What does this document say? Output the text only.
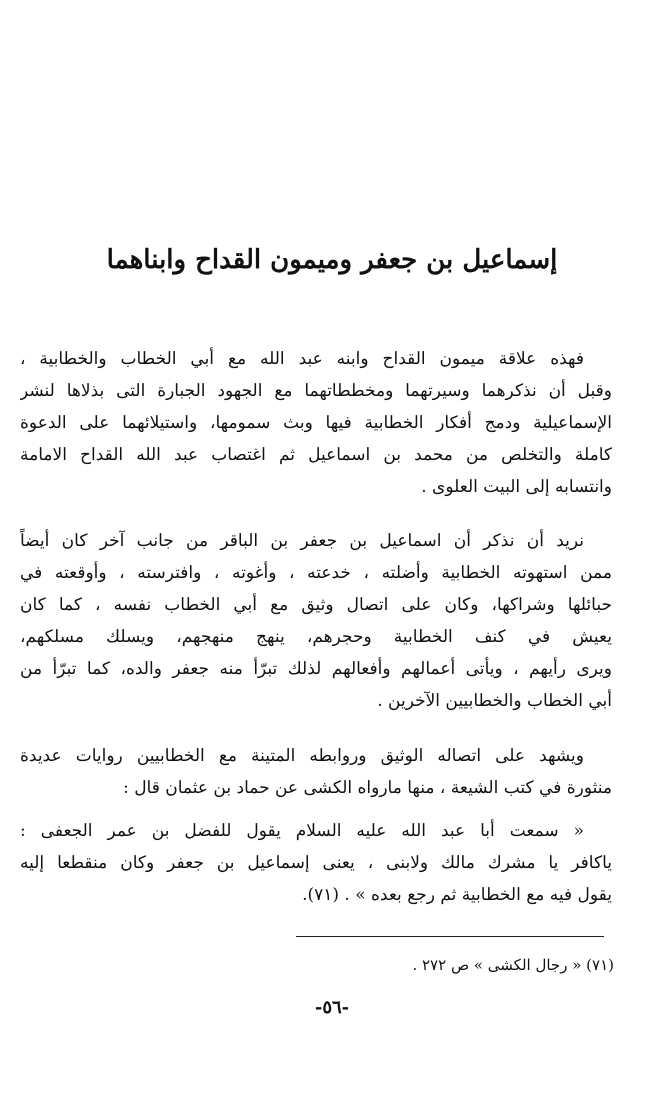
إسماعيل بن جعفر وميمون القداح وابناهما
فهذه علاقة ميمون القداح وابنه عبد الله مع أبي الخطاب والخطابية ،
وقبل أن نذكرهما وسيرتهما ومخططاتهما مع الجهود الجبارة التى بذلاها لنشر
الإسماعيلية ودمج أفكار الخطابية فيها وبث سمومها، واستيلائهما على الدعوة
كاملة والتخلص من محمد بن اسماعيل ثم اغتصاب عبد الله القداح الامامة
وانتسابه إلى البيت العلوى .
نريد أن نذكر أن اسماعيل بن جعفر بن الباقر من جانب آخر كان أيضاً
ممن استهوته الخطابية وأضلته ، خدعته ، وأغوته ، وافترسته ، وأوقعته في
حبائلها وشراكها، وكان على اتصال وثيق مع أبي الخطاب نفسه ، كما كان
يعيش في كنف الخطابية وحجرهم، ينهج منهجهم، ويسلك مسلكهم،
ويرى رأيهم ، ويأتى أعمالهم وأفعالهم لذلك تبرّأ منه جعفر والده، كما تبرّأ من
أبي الخطاب والخطابيين الآخرين .
ويشهد على اتصاله الوثيق وروابطه المتينة مع الخطابيين روايات عديدة
منثورة في كتب الشيعة ، منها مارواه الكشى عن حماد بن عثمان قال :
« سمعت أبا عبد الله عليه السلام يقول للفضل بن عمر الجعفى :
ياكافر يا مشرك مالك ولابنى ، يعنى إسماعيل بن جعفر وكان منقطعا إليه
يقول فيه مع الخطابية ثم رجع بعده » . (٧١).
(٧١) « رجال الكشى » ص ٢٧٢ .
-٥٦-
